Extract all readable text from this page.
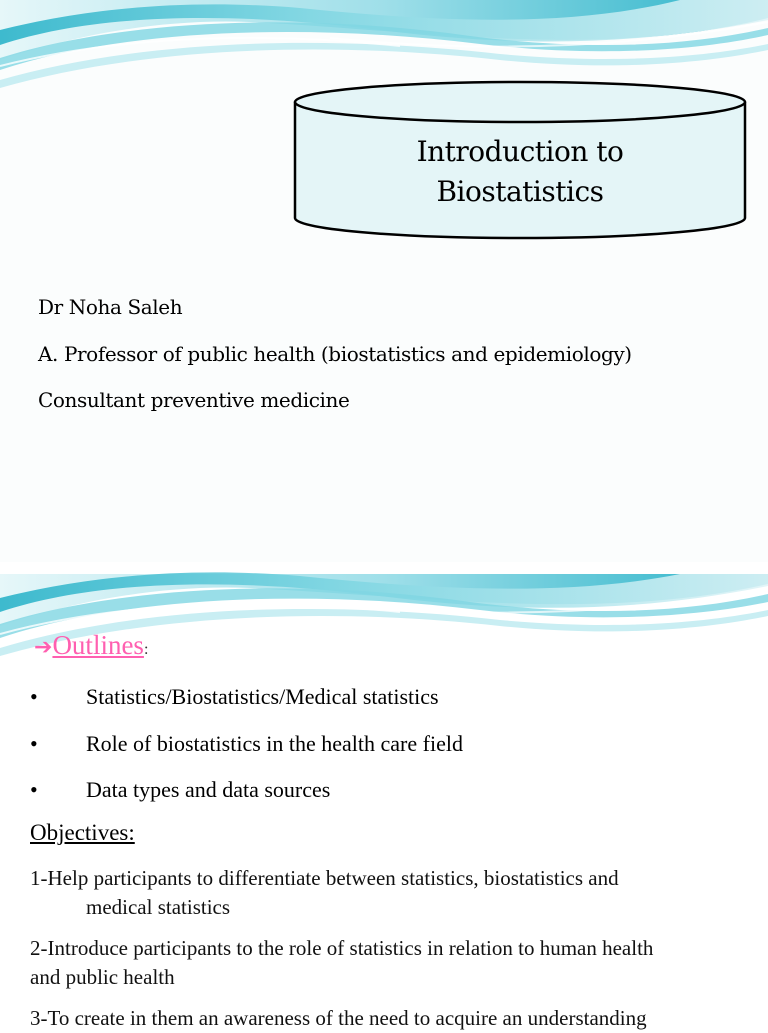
Introduction to
Biostatistics
Dr Noha Saleh
A. Professor of public health (biostatistics and epidemiology)
Consultant preventive medicine
➔Outlines:
• Statistics/Biostatistics/Medical statistics
• Role of biostatistics in the health care field
• Data types and data sources
Objectives:
1-Help participants to differentiate between statistics, biostatistics and
medical statistics
2-Introduce participants to the role of statistics in relation to human health
and public health
3-To create in them an awareness of the need to acquire an understanding
